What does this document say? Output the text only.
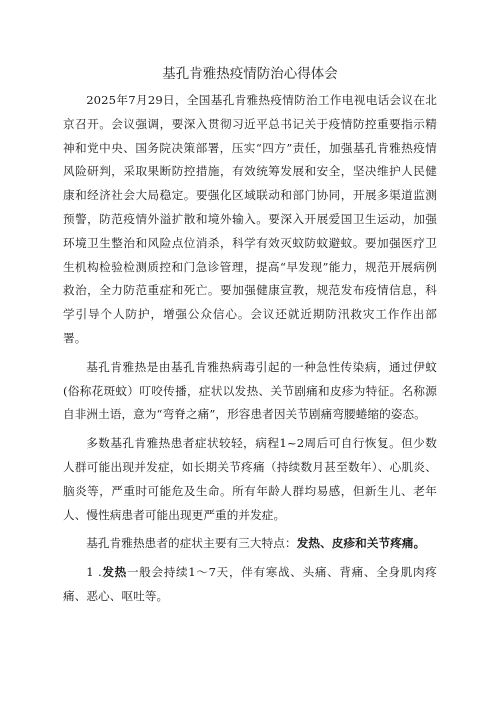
基孔肯雅热疫情防治心得体会

2025年7月29日，全国基孔肯雅热疫情防治工作电视电话会议在北京召开。会议强调，要深入贯彻习近平总书记关于疫情防控重要指示精神和党中央、国务院决策部署，压实“四方”责任，加强基孔肯雅热疫情风险研判，采取果断防控措施，有效统筹发展和安全，坚决维护人民健康和经济社会大局稳定。要强化区域联动和部门协同，开展多渠道监测预警，防范疫情外溢扩散和境外输入。要深入开展爱国卫生运动，加强环境卫生整治和风险点位消杀，科学有效灭蚊防蚊避蚊。要加强医疗卫生机构检验检测质控和门急诊管理，提高“早发现”能力，规范开展病例救治，全力防范重症和死亡。要加强健康宣教，规范发布疫情信息，科学引导个人防护，增强公众信心。会议还就近期防汛救灾工作作出部署。

基孔肯雅热是由基孔肯雅热病毒引起的一种急性传染病，通过伊蚊(俗称花斑蚊）叮咬传播，症状以发热、关节剧痛和皮疹为特征。名称源自非洲土语，意为“弯脊之痛”，形容患者因关节剧痛弯腰蜷缩的姿态。

多数基孔肯雅热患者症状较轻，病程1~2周后可自行恢复。但少数人群可能出现并发症，如长期关节疼痛（持续数月甚至数年）、心肌炎、脑炎等，严重时可能危及生命。所有年龄人群均易感，但新生儿、老年人、慢性病患者可能出现更严重的并发症。

基孔肯雅热患者的症状主要有三大特点：发热、皮疹和关节疼痛。

1 .发热一般会持续1〜7天，伴有寒战、头痛、背痛、全身肌肉疼痛、恶心、呕吐等。
